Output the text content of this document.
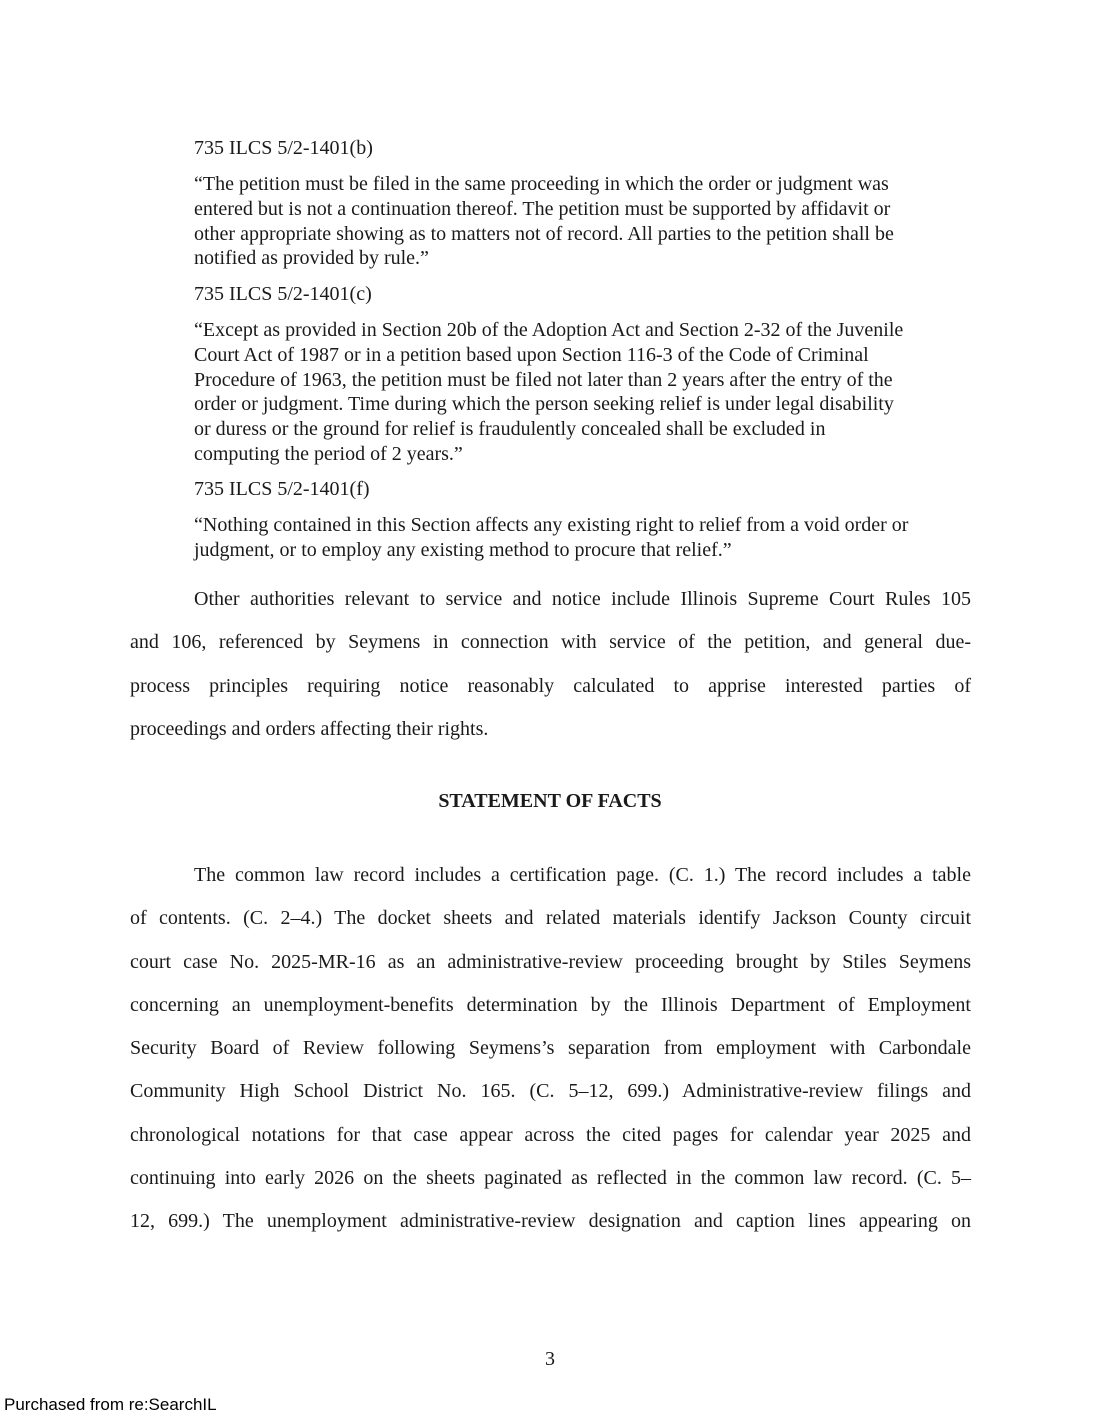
735 ILCS 5/2-1401(b)

“The petition must be filed in the same proceeding in which the order or judgment was
entered but is not a continuation thereof. The petition must be supported by affidavit or
other appropriate showing as to matters not of record. All parties to the petition shall be
notified as provided by rule.”

735 ILCS 5/2-1401(c)

“Except as provided in Section 20b of the Adoption Act and Section 2-32 of the Juvenile
Court Act of 1987 or in a petition based upon Section 116-3 of the Code of Criminal
Procedure of 1963, the petition must be filed not later than 2 years after the entry of the
order or judgment. Time during which the person seeking relief is under legal disability
or duress or the ground for relief is fraudulently concealed shall be excluded in
computing the period of 2 years.”

735 ILCS 5/2-1401(f)

“Nothing contained in this Section affects any existing right to relief from a void order or
judgment, or to employ any existing method to procure that relief.”

Other authorities relevant to service and notice include Illinois Supreme Court Rules 105
and 106, referenced by Seymens in connection with service of the petition, and general due-
process principles requiring notice reasonably calculated to apprise interested parties of
proceedings and orders affecting their rights.
STATEMENT OF FACTS
The common law record includes a certification page. (C. 1.) The record includes a table
of contents. (C. 2–4.) The docket sheets and related materials identify Jackson County circuit
court case No. 2025-MR-16 as an administrative-review proceeding brought by Stiles Seymens
concerning an unemployment-benefits determination by the Illinois Department of Employment
Security Board of Review following Seymens’s separation from employment with Carbondale
Community High School District No. 165. (C. 5–12, 699.) Administrative-review filings and
chronological notations for that case appear across the cited pages for calendar year 2025 and
continuing into early 2026 on the sheets paginated as reflected in the common law record. (C. 5–
12, 699.) The unemployment administrative-review designation and caption lines appearing on
3
Purchased from re:SearchIL
